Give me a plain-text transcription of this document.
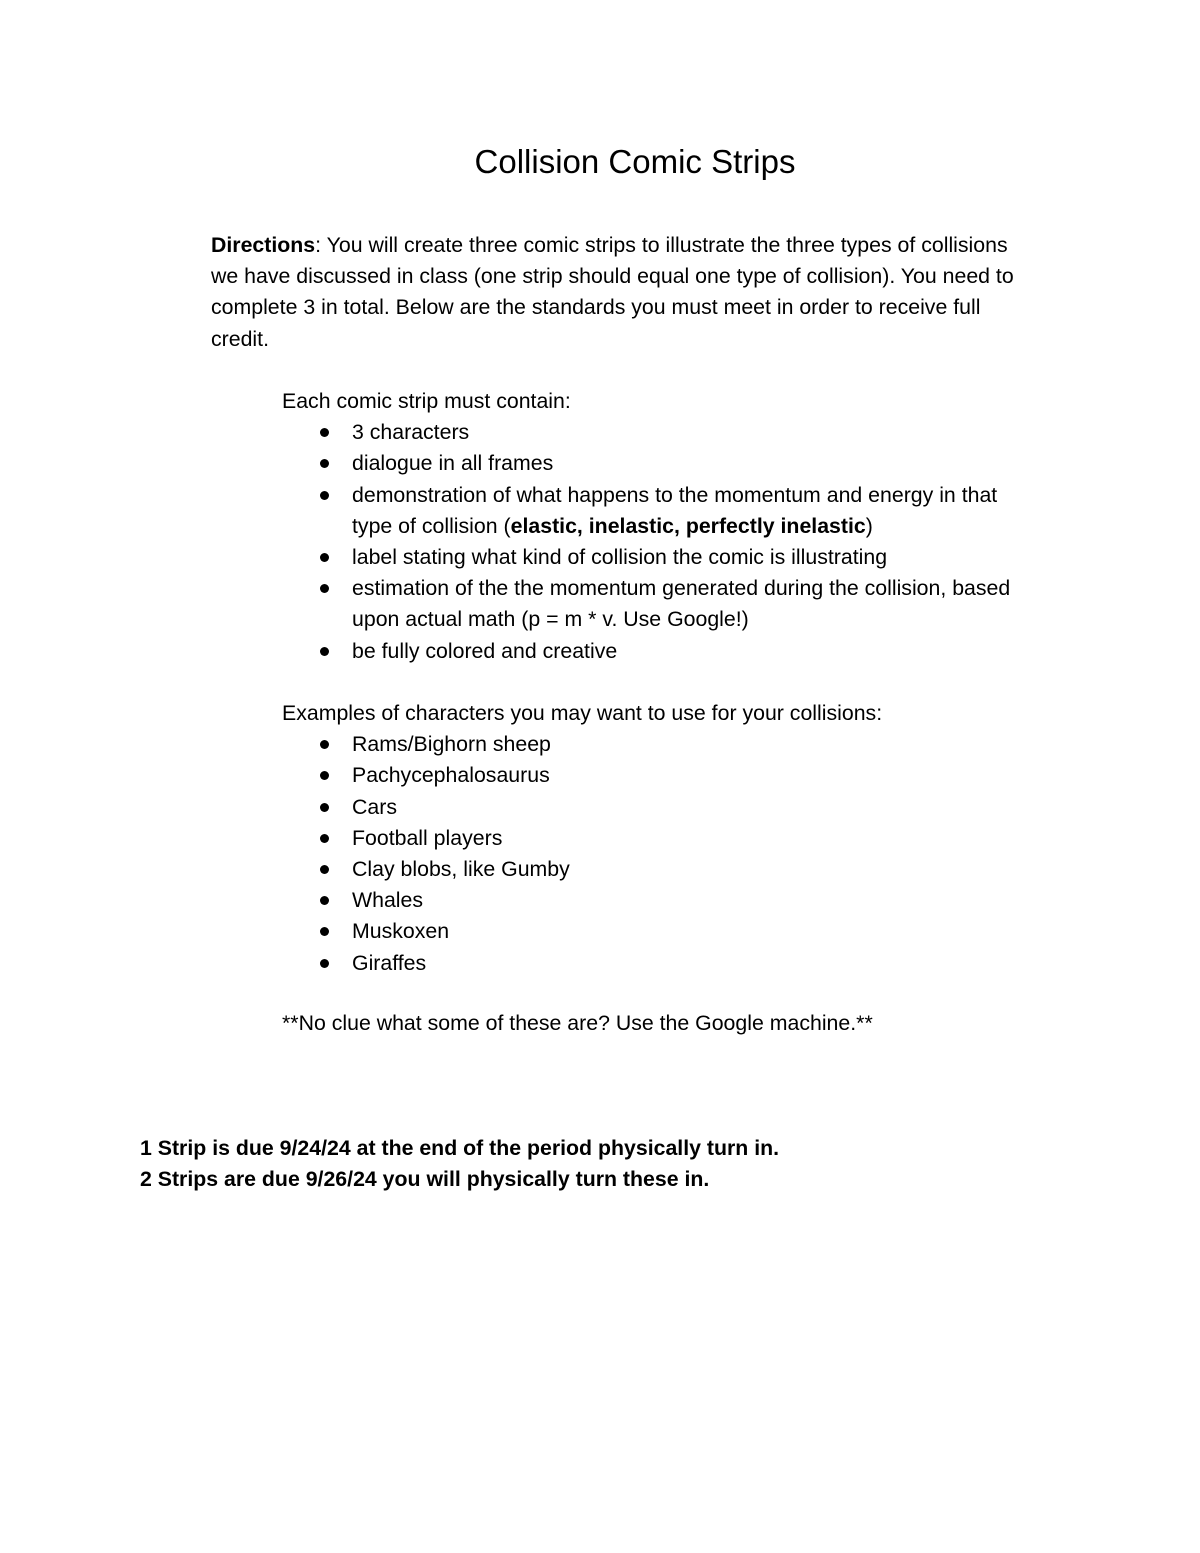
Collision Comic Strips

Directions: You will create three comic strips to illustrate the three types of collisions we have discussed in class (one strip should equal one type of collision). You need to complete 3 in total. Below are the standards you must meet in order to receive full credit.

Each comic strip must contain:

3 characters
dialogue in all frames
demonstration of what happens to the momentum and energy in that type of collision (elastic, inelastic, perfectly inelastic)
label stating what kind of collision the comic is illustrating
estimation of the the momentum generated during the collision, based upon actual math (p = m * v. Use Google!)
be fully colored and creative

Examples of characters you may want to use for your collisions:

Rams/Bighorn sheep
Pachycephalosaurus
Cars
Football players
Clay blobs, like Gumby
Whales
Muskoxen
Giraffes

**No clue what some of these are? Use the Google machine.**

1 Strip is due 9/24/24 at the end of the period physically turn in.

2 Strips are due 9/26/24 you will physically turn these in.
